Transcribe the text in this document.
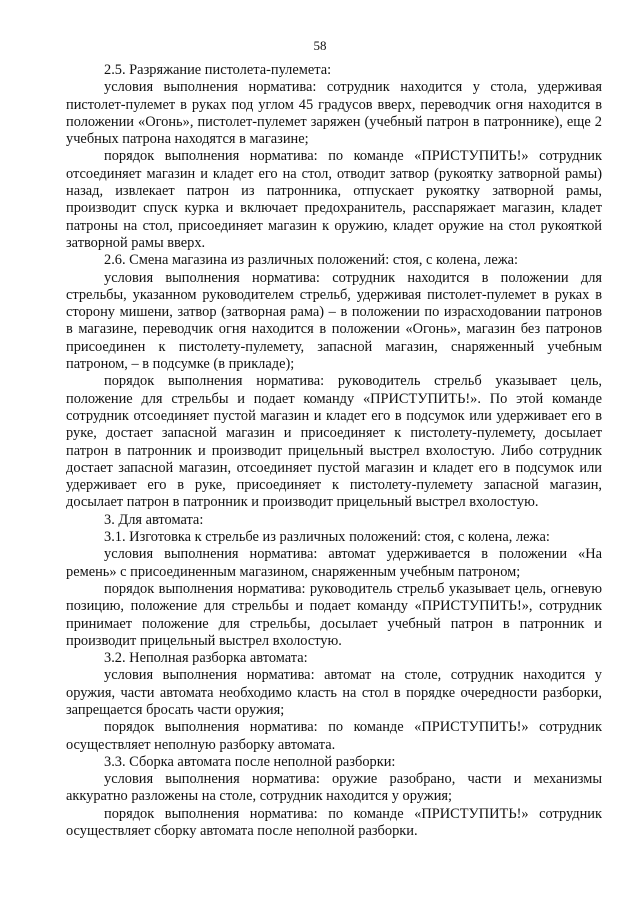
58

2.5. Разряжание пистолета-пулемета:

условия выполнения норматива: сотрудник находится у стола, удерживая пистолет-пулемет в руках под углом 45 градусов вверх, переводчик огня находится в положении «Огонь», пистолет-пулемет заряжен (учебный патрон в патроннике), еще 2 учебных патрона находятся в магазине;

порядок выполнения норматива: по команде «ПРИСТУПИТЬ!» сотрудник отсоединяет магазин и кладет его на стол, отводит затвор (рукоятку затворной рамы) назад, извлекает патрон из патронника, отпускает рукоятку затворной рамы, производит спуск курка и включает предохранитель, рассnаряжает магазин, кладет патроны на стол, присоединяет магазин к оружию, кладет оружие на стол рукояткой затворной рамы вверх.

2.6. Смена магазина из различных положений: стоя, с колена, лежа:

условия выполнения норматива: сотрудник находится в положении для стрельбы, указанном руководителем стрельб, удерживая пистолет-пулемет в руках в сторону мишени, затвор (затворная рама) – в положении по израсходовании патронов в магазине, переводчик огня находится в положении «Огонь», магазин без патронов присоединен к пистолету-пулемету, запасной магазин, снаряженный учебным патроном, – в подсумке (в прикладе);

порядок выполнения норматива: руководитель стрельб указывает цель, положение для стрельбы и подает команду «ПРИСТУПИТЬ!». По этой команде сотрудник отсоединяет пустой магазин и кладет его в подсумок или удерживает его в руке, достает запасной магазин и присоединяет к пистолету-пулемету, досылает патрон в патронник и производит прицельный выстрел вхолостую. Либо сотрудник достает запасной магазин, отсоединяет пустой магазин и кладет его в подсумок или удерживает его в руке, присоединяет к пистолету-пулемету запасной магазин, досылает патрон в патронник и производит прицельный выстрел вхолостую.

3. Для автомата:

3.1. Изготовка к стрельбе из различных положений: стоя, с колена, лежа:

условия выполнения норматива: автомат удерживается в положении «На ремень» с присоединенным магазином, снаряженным учебным патроном;

порядок выполнения норматива: руководитель стрельб указывает цель, огневую позицию, положение для стрельбы и подает команду «ПРИСТУПИТЬ!», сотрудник принимает положение для стрельбы, досылает учебный патрон в патронник и производит прицельный выстрел вхолостую.

3.2. Неполная разборка автомата:

условия выполнения норматива: автомат на столе, сотрудник находится у оружия, части автомата необходимо класть на стол в порядке очередности разборки, запрещается бросать части оружия;

порядок выполнения норматива: по команде «ПРИСТУПИТЬ!» сотрудник осуществляет неполную разборку автомата.

3.3. Сборка автомата после неполной разборки:

условия выполнения норматива: оружие разобрано, части и механизмы аккуратно разложены на столе, сотрудник находится у оружия;

порядок выполнения норматива: по команде «ПРИСТУПИТЬ!» сотрудник осуществляет сборку автомата после неполной разборки.
